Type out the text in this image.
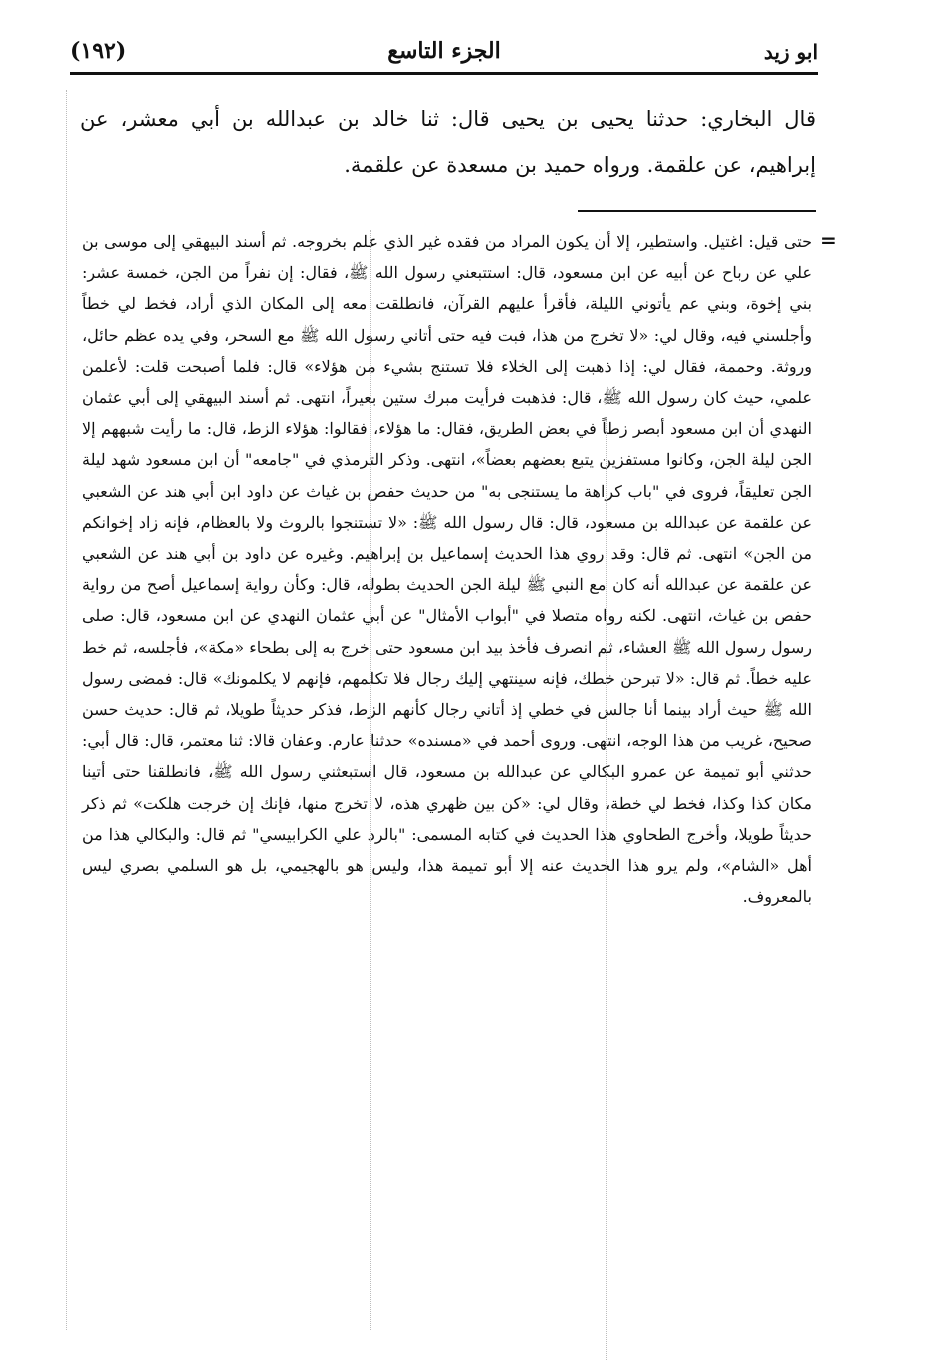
(١٩٢)	الجزء التاسع	ابو زيد

قال البخاري: حدثنا يحيى بن يحيى قال: ثنا خالد بن عبدالله بن أبي معشر، عن إبراهيم، عن علقمة. ورواه حميد بن مسعدة عن علقمة.

=

حتى قيل: اغتيل. واستطير، إلا أن يكون المراد من فقده غير الذي علم بخروجه. ثم أسند البيهقي إلى موسى بن علي عن رباح عن أبيه عن ابن مسعود، قال: استتبعني رسول الله ﷺ، فقال: إن نفراً من الجن، خمسة عشر: بني إخوة، وبني عم يأتوني الليلة، فأقرأ عليهم القرآن، فانطلقت معه إلى المكان الذي أراد، فخط لي خطاً وأجلسني فيه، وقال لي: «لا تخرج من هذا، فبت فيه حتى أتاني رسول الله ﷺ مع السحر، وفي يده عظم حائل، وروثة. وحممة، فقال لي: إذا ذهبت إلى الخلاء فلا تستنج بشيء من هؤلاء» قال: فلما أصبحت قلت: لأعلمن علمي، حيث كان رسول الله ﷺ، قال: فذهبت فرأيت مبرك ستين بعيراً، انتهى. ثم أسند البيهقي إلى أبي عثمان النهدي أن ابن مسعود أبصر زطاً في بعض الطريق، فقال: ما هؤلاء، فقالوا: هؤلاء الزط، قال: ما رأيت شبههم إلا الجن ليلة الجن، وكانوا مستفزين يتبع بعضهم بعضاً»، انتهى. وذكر الترمذي في "جامعه" أن ابن مسعود شهد ليلة الجن تعليقاً، فروى في "باب كراهة ما يستنجى به" من حديث حفص بن غياث عن داود ابن أبي هند عن الشعبي عن علقمة عن عبدالله بن مسعود، قال: قال رسول الله ﷺ: «لا تستنجوا بالروث ولا بالعظام، فإنه زاد إخوانكم من الجن» انتهى. ثم قال: وقد روي هذا الحديث إسماعيل بن إبراهيم. وغيره عن داود بن أبي هند عن الشعبي عن علقمة عن عبدالله أنه كان مع النبي ﷺ ليلة الجن الحديث بطوله، قال: وكأن رواية إسماعيل أصح من رواية حفص بن غياث، انتهى. لكنه رواه متصلا في "أبواب الأمثال" عن أبي عثمان النهدي عن ابن مسعود، قال: صلى رسول رسول الله ﷺ العشاء، ثم انصرف فأخذ بيد ابن مسعود حتى خرج به إلى بطحاء «مكة»، فأجلسه، ثم خط عليه خطاً. ثم قال: «لا تبرحن خطك، فإنه سينتهي إليك رجال فلا تكلمهم، فإنهم لا يكلمونك» قال: فمضى رسول الله ﷺ حيث أراد بينما أنا جالس في خطي إذ أتاني رجال كأنهم الزط، فذكر حديثاً طويلا، ثم قال: حديث حسن صحيح، غريب من هذا الوجه، انتهى. وروى أحمد في «مسنده» حدثنا عارم. وعفان قالا: ثنا معتمر، قال: قال أبي: حدثني أبو تميمة عن عمرو البكالي عن عبدالله بن مسعود، قال استبعثني رسول الله ﷺ، فانطلقنا حتى أتينا مكان كذا وكذا، فخط لي خطة، وقال لي: «كن بين ظهري هذه، لا تخرج منها، فإنك إن خرجت هلكت» ثم ذكر حديثاً طويلا، وأخرج الطحاوي هذا الحديث في كتابه المسمى: "بالرد علي الكرابيسي" ثم قال: والبكالي هذا من أهل «الشام»، ولم يرو هذا الحديث عنه إلا أبو تميمة هذا، وليس هو بالهجيمي، بل هو السلمي بصري ليس بالمعروف.
